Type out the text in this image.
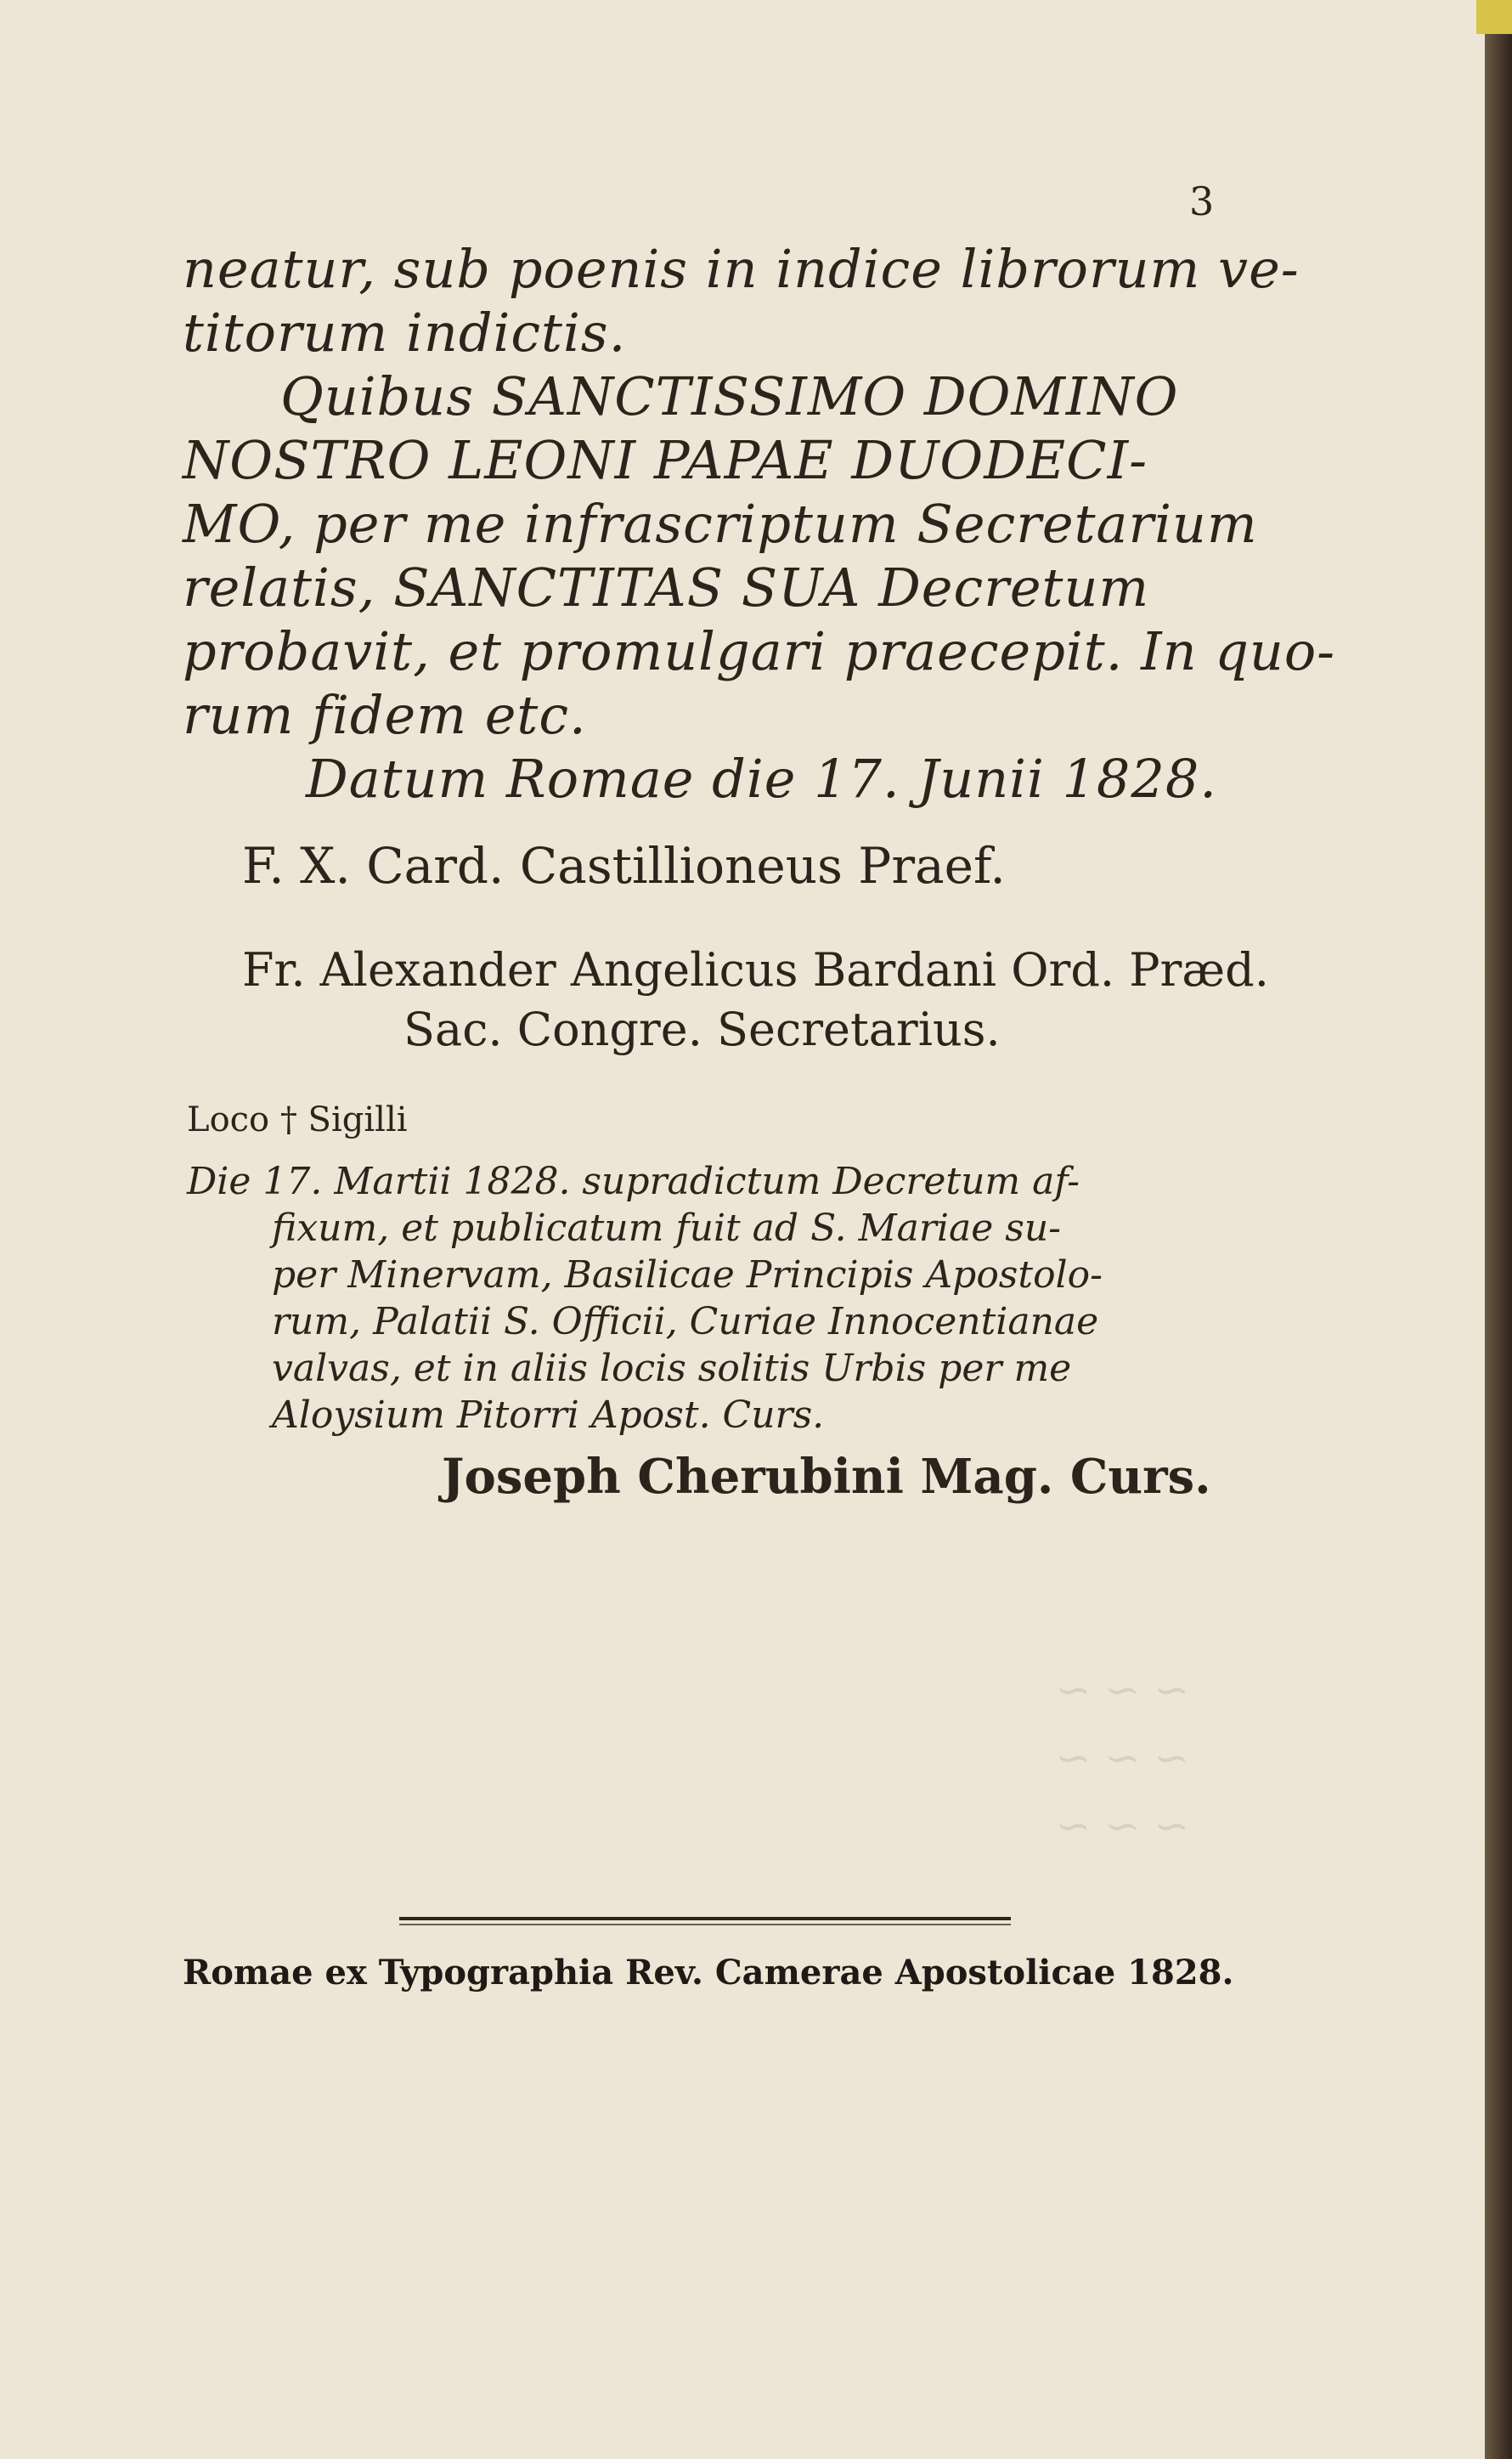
3
neatur, sub poenis in indice librorum ve-
titorum indictis.
Quibus SANCTISSIMO DOMINO
NOSTRO LEONI PAPAE DUODECI-
MO, per me infrascriptum Secretarium
relatis, SANCTITAS SUA Decretum
probavit, et promulgari praecepit. In quo-
rum fidem etc.
Datum Romae die 17. Junii 1828.
F. X. Card. Castillioneus Praef.
Fr. Alexander Angelicus Bardani Ord. Præd.
Sac. Congre. Secretarius.
Loco † Sigilli
Die 17. Martii 1828. supradictum Decretum af-
fixum, et publicatum fuit ad S. Mariae su-
per Minervam, Basilicae Principis Apostolo-
rum, Palatii S. Officii, Curiae Innocentianae
valvas, et in aliis locis solitis Urbis per me
Aloysium Pitorri Apost. Curs.
Joseph Cherubini Mag. Curs.
~ ~ ~
~ ~ ~
~ ~ ~
Romae ex Typographia Rev. Camerae Apostolicae 1828.
